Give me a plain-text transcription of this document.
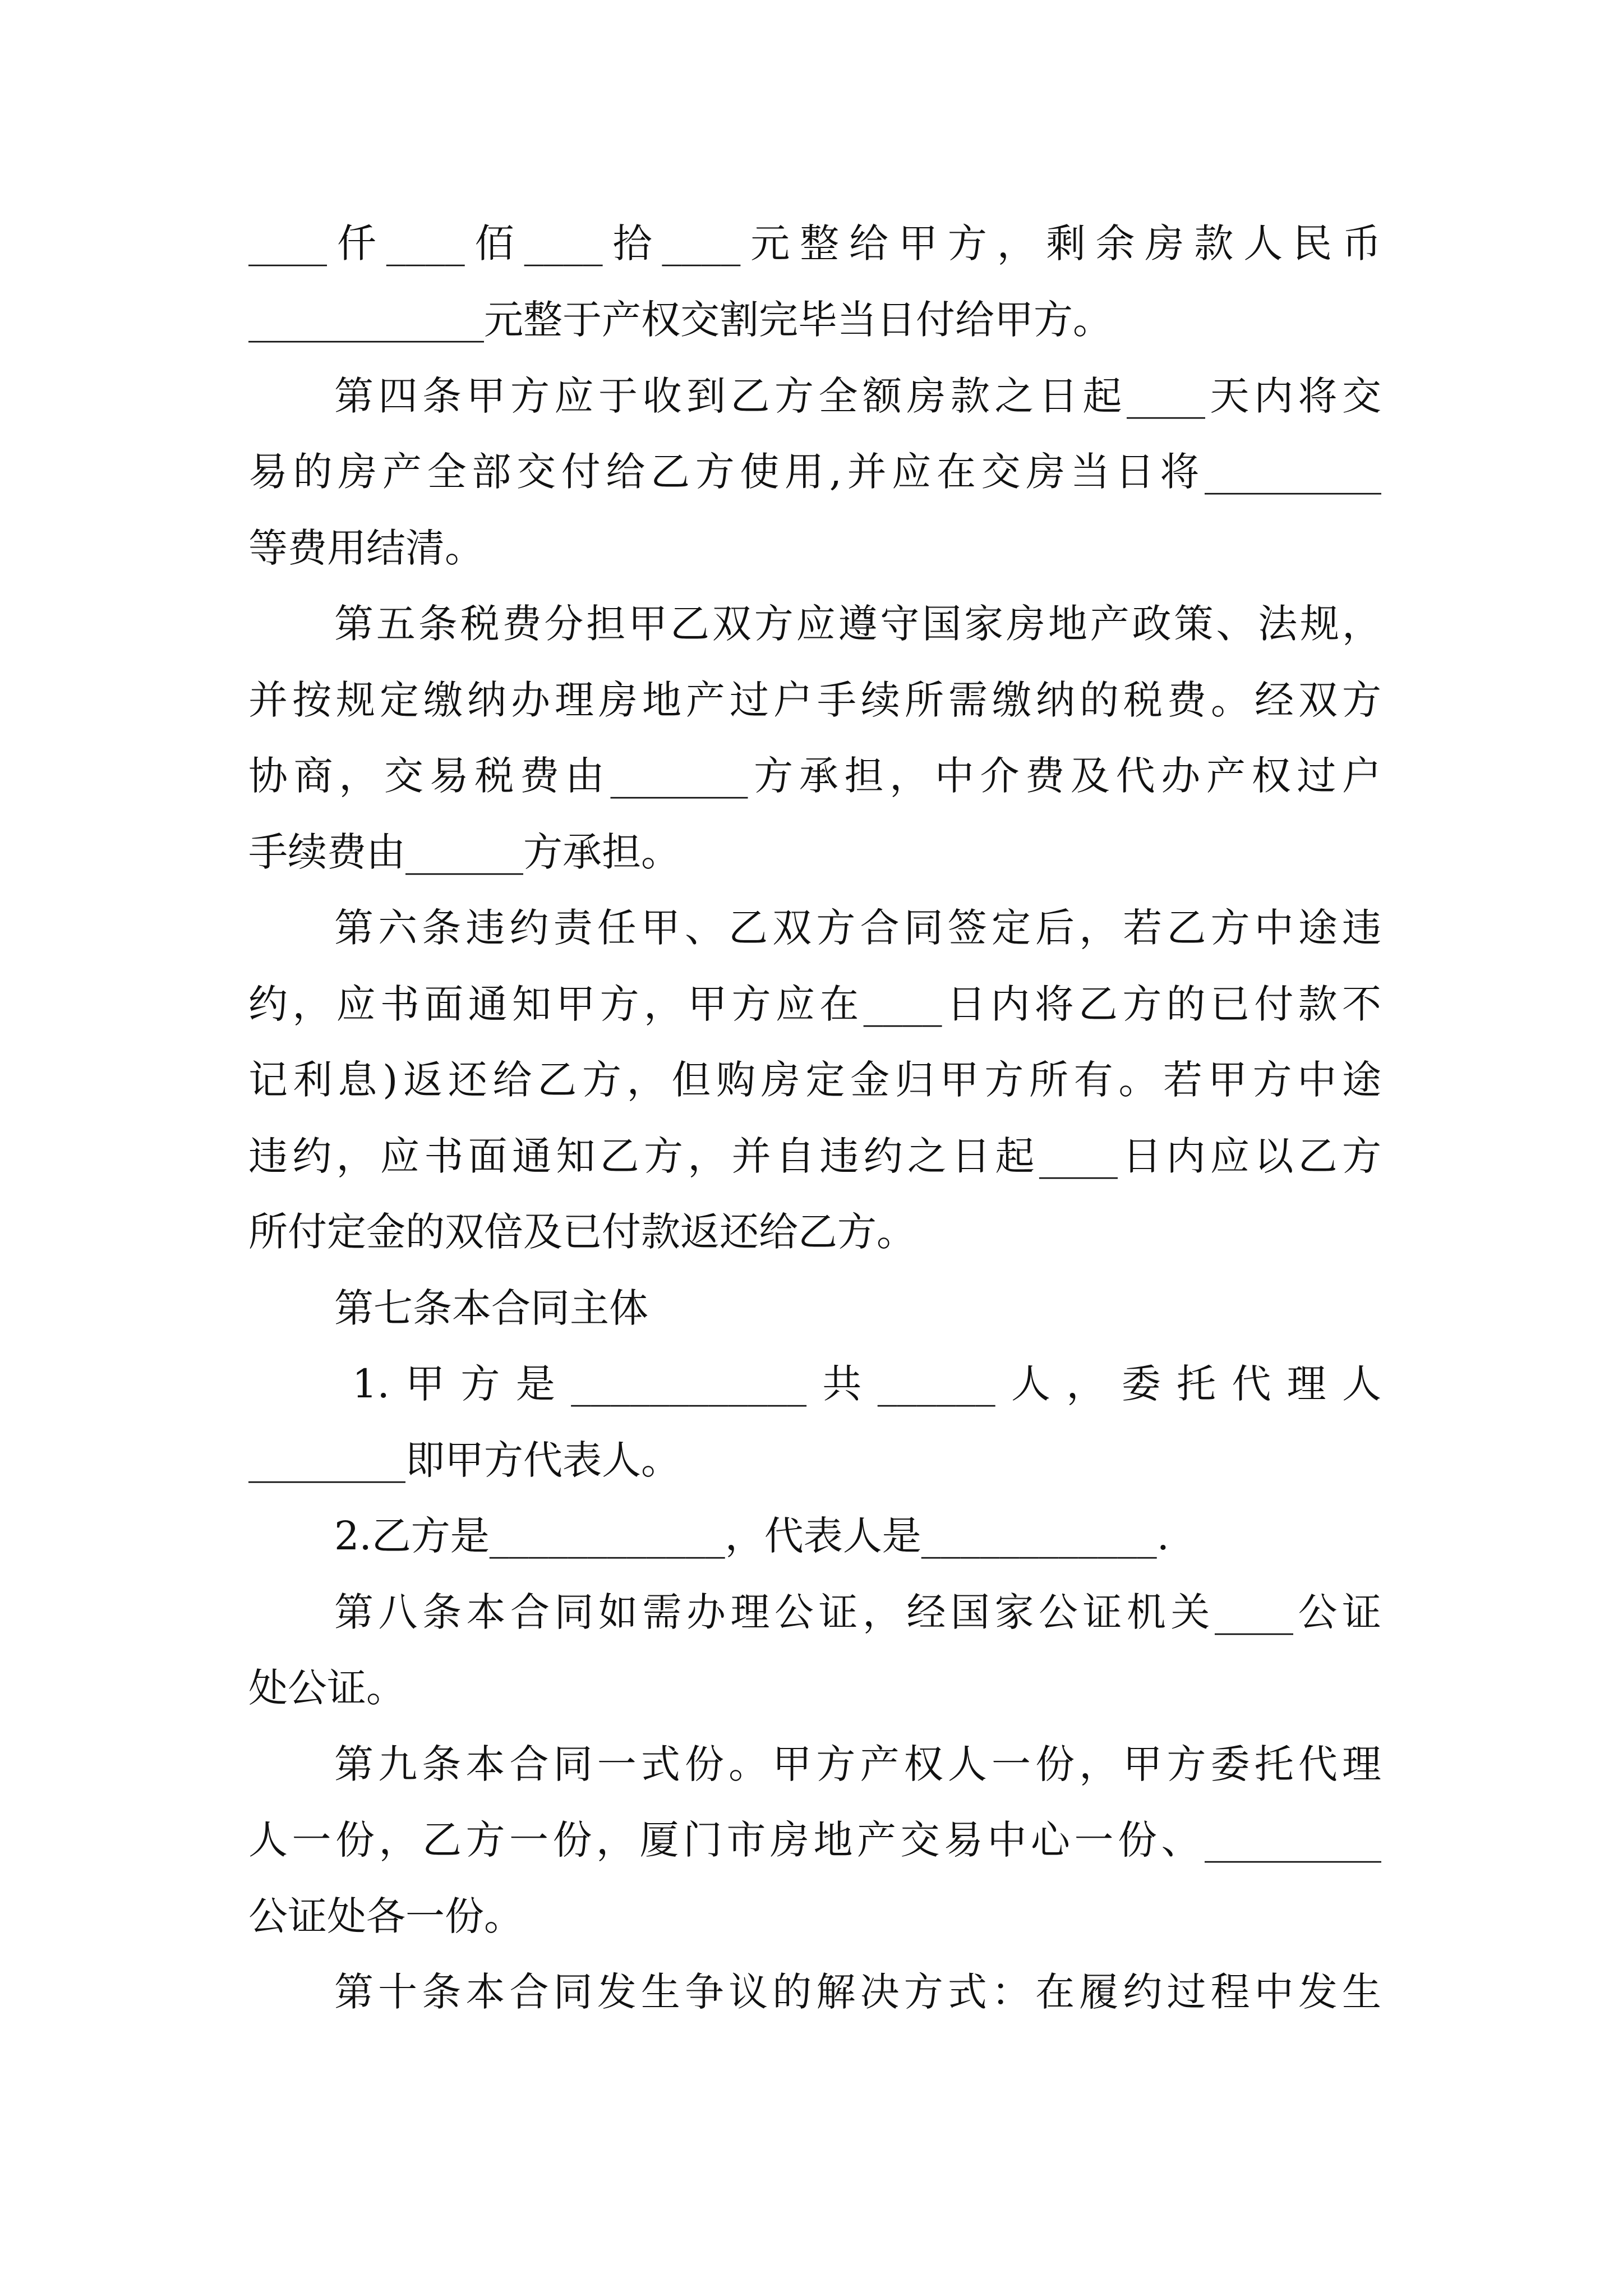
____仟____佰____拾____元整给甲方，剩余房款人民币

____________元整于产权交割完毕当日付给甲方。

第四条甲方应于收到乙方全额房款之日起____天内将交

易的房产全部交付给乙方使用,并应在交房当日将_________

等费用结清。

第五条税费分担甲乙双方应遵守国家房地产政策、法规，

并按规定缴纳办理房地产过户手续所需缴纳的税费。经双方

协商，交易税费由_______方承担，中介费及代办产权过户

手续费由______方承担。

第六条违约责任甲、乙双方合同签定后，若乙方中途违

约，应书面通知甲方，甲方应在____日内将乙方的已付款不

记利息)返还给乙方，但购房定金归甲方所有。若甲方中途

违约，应书面通知乙方，并自违约之日起____日内应以乙方

所付定金的双倍及已付款返还给乙方。

第七条本合同主体

1.甲方是____________共______人，委托代理人

________即甲方代表人。

2.乙方是____________，代表人是____________.

第八条本合同如需办理公证，经国家公证机关____公证

处公证。

第九条本合同一式份。甲方产权人一份，甲方委托代理

人一份，乙方一份，厦门市房地产交易中心一份、_________

公证处各一份。

第十条本合同发生争议的解决方式：在履约过程中发生
